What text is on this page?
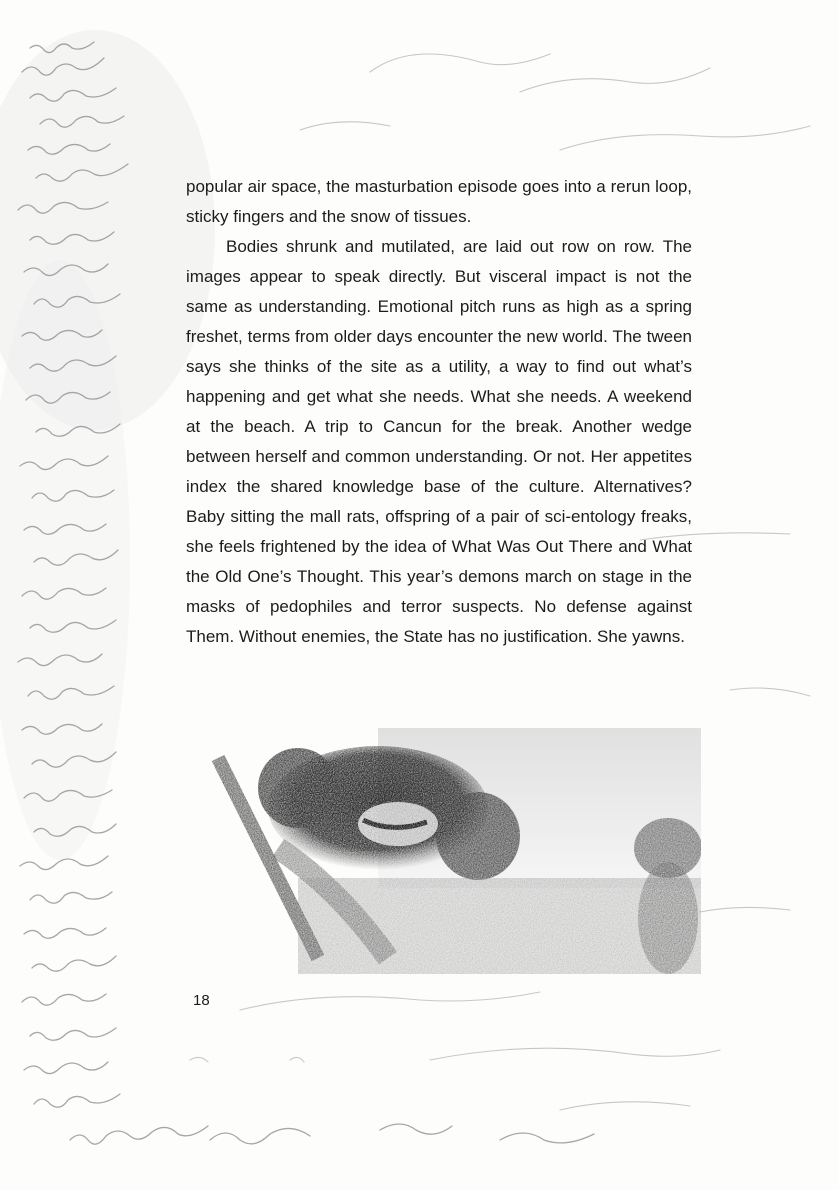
popular air space, the masturbation episode goes into a rerun loop, sticky fingers and the snow of tissues.

Bodies shrunk and mutilated, are laid out row on row. The images appear to speak directly. But visceral impact is not the same as understanding. Emotional pitch runs as high as a spring freshet, terms from older days encounter the new world. The tween says she thinks of the site as a utility, a way to find out what’s happening and get what she needs. What she needs. A weekend at the beach. A trip to Cancun for the break. Another wedge between herself and common understanding. Or not. Her appetites index the shared knowledge base of the culture. Alternatives? Baby sitting the mall rats, offspring of a pair of sci-entology freaks, she feels frightened by the idea of What Was Out There and What the Old One’s Thought. This year’s demons march on stage in the masks of pedophiles and terror suspects. No defense against Them. Without enemies, the State has no justification. She yawns.

18
